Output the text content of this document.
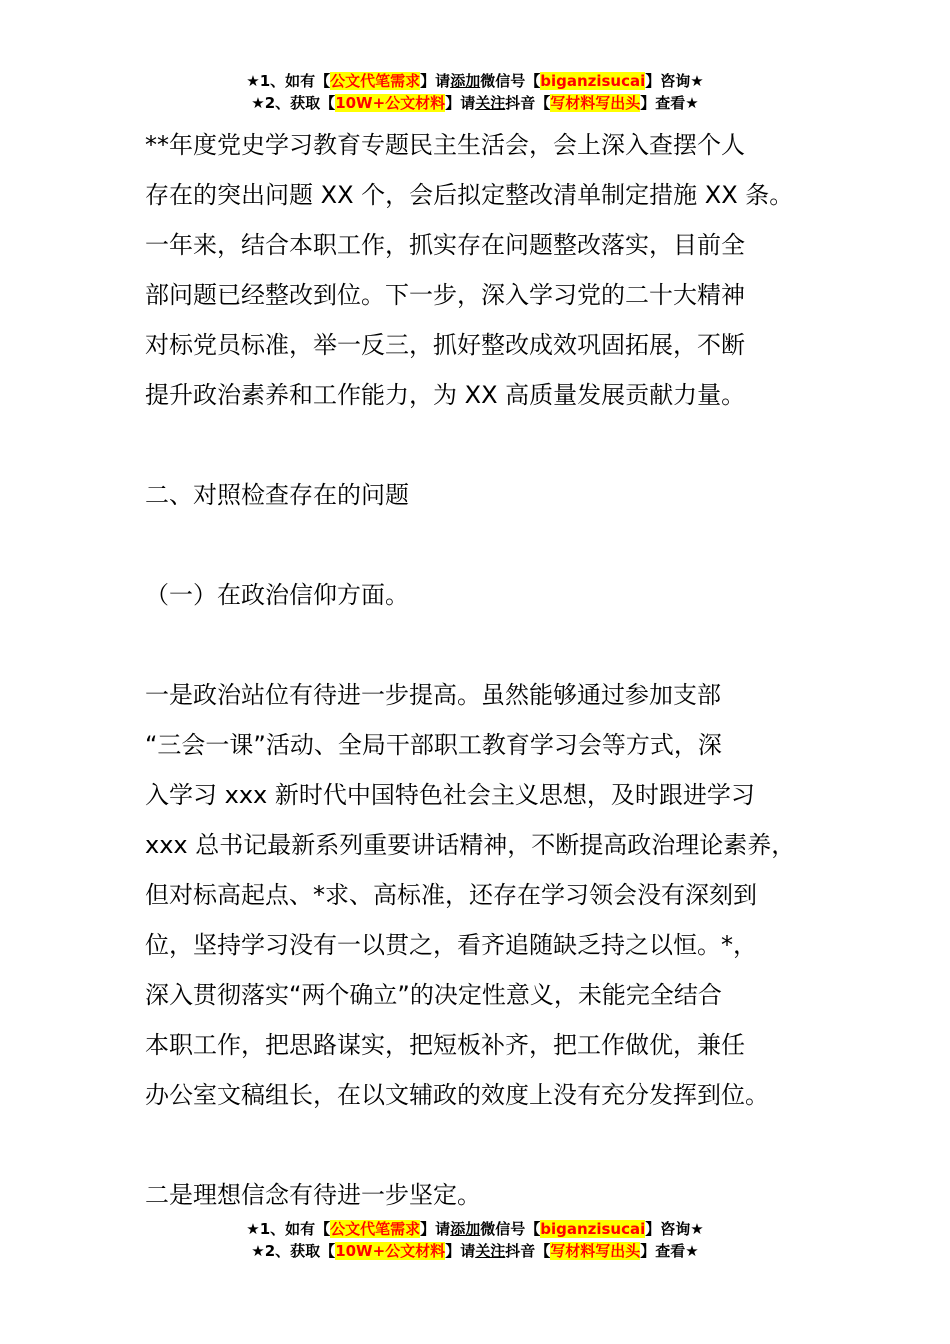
★1、如有【公文代笔需求】请添加微信号【biganzisucai】咨询★
★2、获取【10W+公文材料】请关注抖音【写材料写出头】查看★

**年度党史学习教育专题民主生活会，会上深入查摆个人

存在的突出问题 XX 个，会后拟定整改清单制定措施 XX 条。

一年来，结合本职工作，抓实存在问题整改落实，目前全

部问题已经整改到位。下一步，深入学习党的二十大精神

对标党员标准，举一反三，抓好整改成效巩固拓展，不断

提升政治素养和工作能力，为 XX 高质量发展贡献力量。

二、对照检查存在的问题

（一）在政治信仰方面。

一是政治站位有待进一步提高。虽然能够通过参加支部

“三会一课”活动、全局干部职工教育学习会等方式，深

入学习 xxx 新时代中国特色社会主义思想，及时跟进学习

xxx 总书记最新系列重要讲话精神，不断提高政治理论素养，

但对标高起点、*求、高标准，还存在学习领会没有深刻到

位，坚持学习没有一以贯之，看齐追随缺乏持之以恒。*，

深入贯彻落实“两个确立”的决定性意义，未能完全结合

本职工作，把思路谋实，把短板补齐，把工作做优，兼任

办公室文稿组长，在以文辅政的效度上没有充分发挥到位。

二是理想信念有待进一步坚定。

★1、如有【公文代笔需求】请添加微信号【biganzisucai】咨询★
★2、获取【10W+公文材料】请关注抖音【写材料写出头】查看★
